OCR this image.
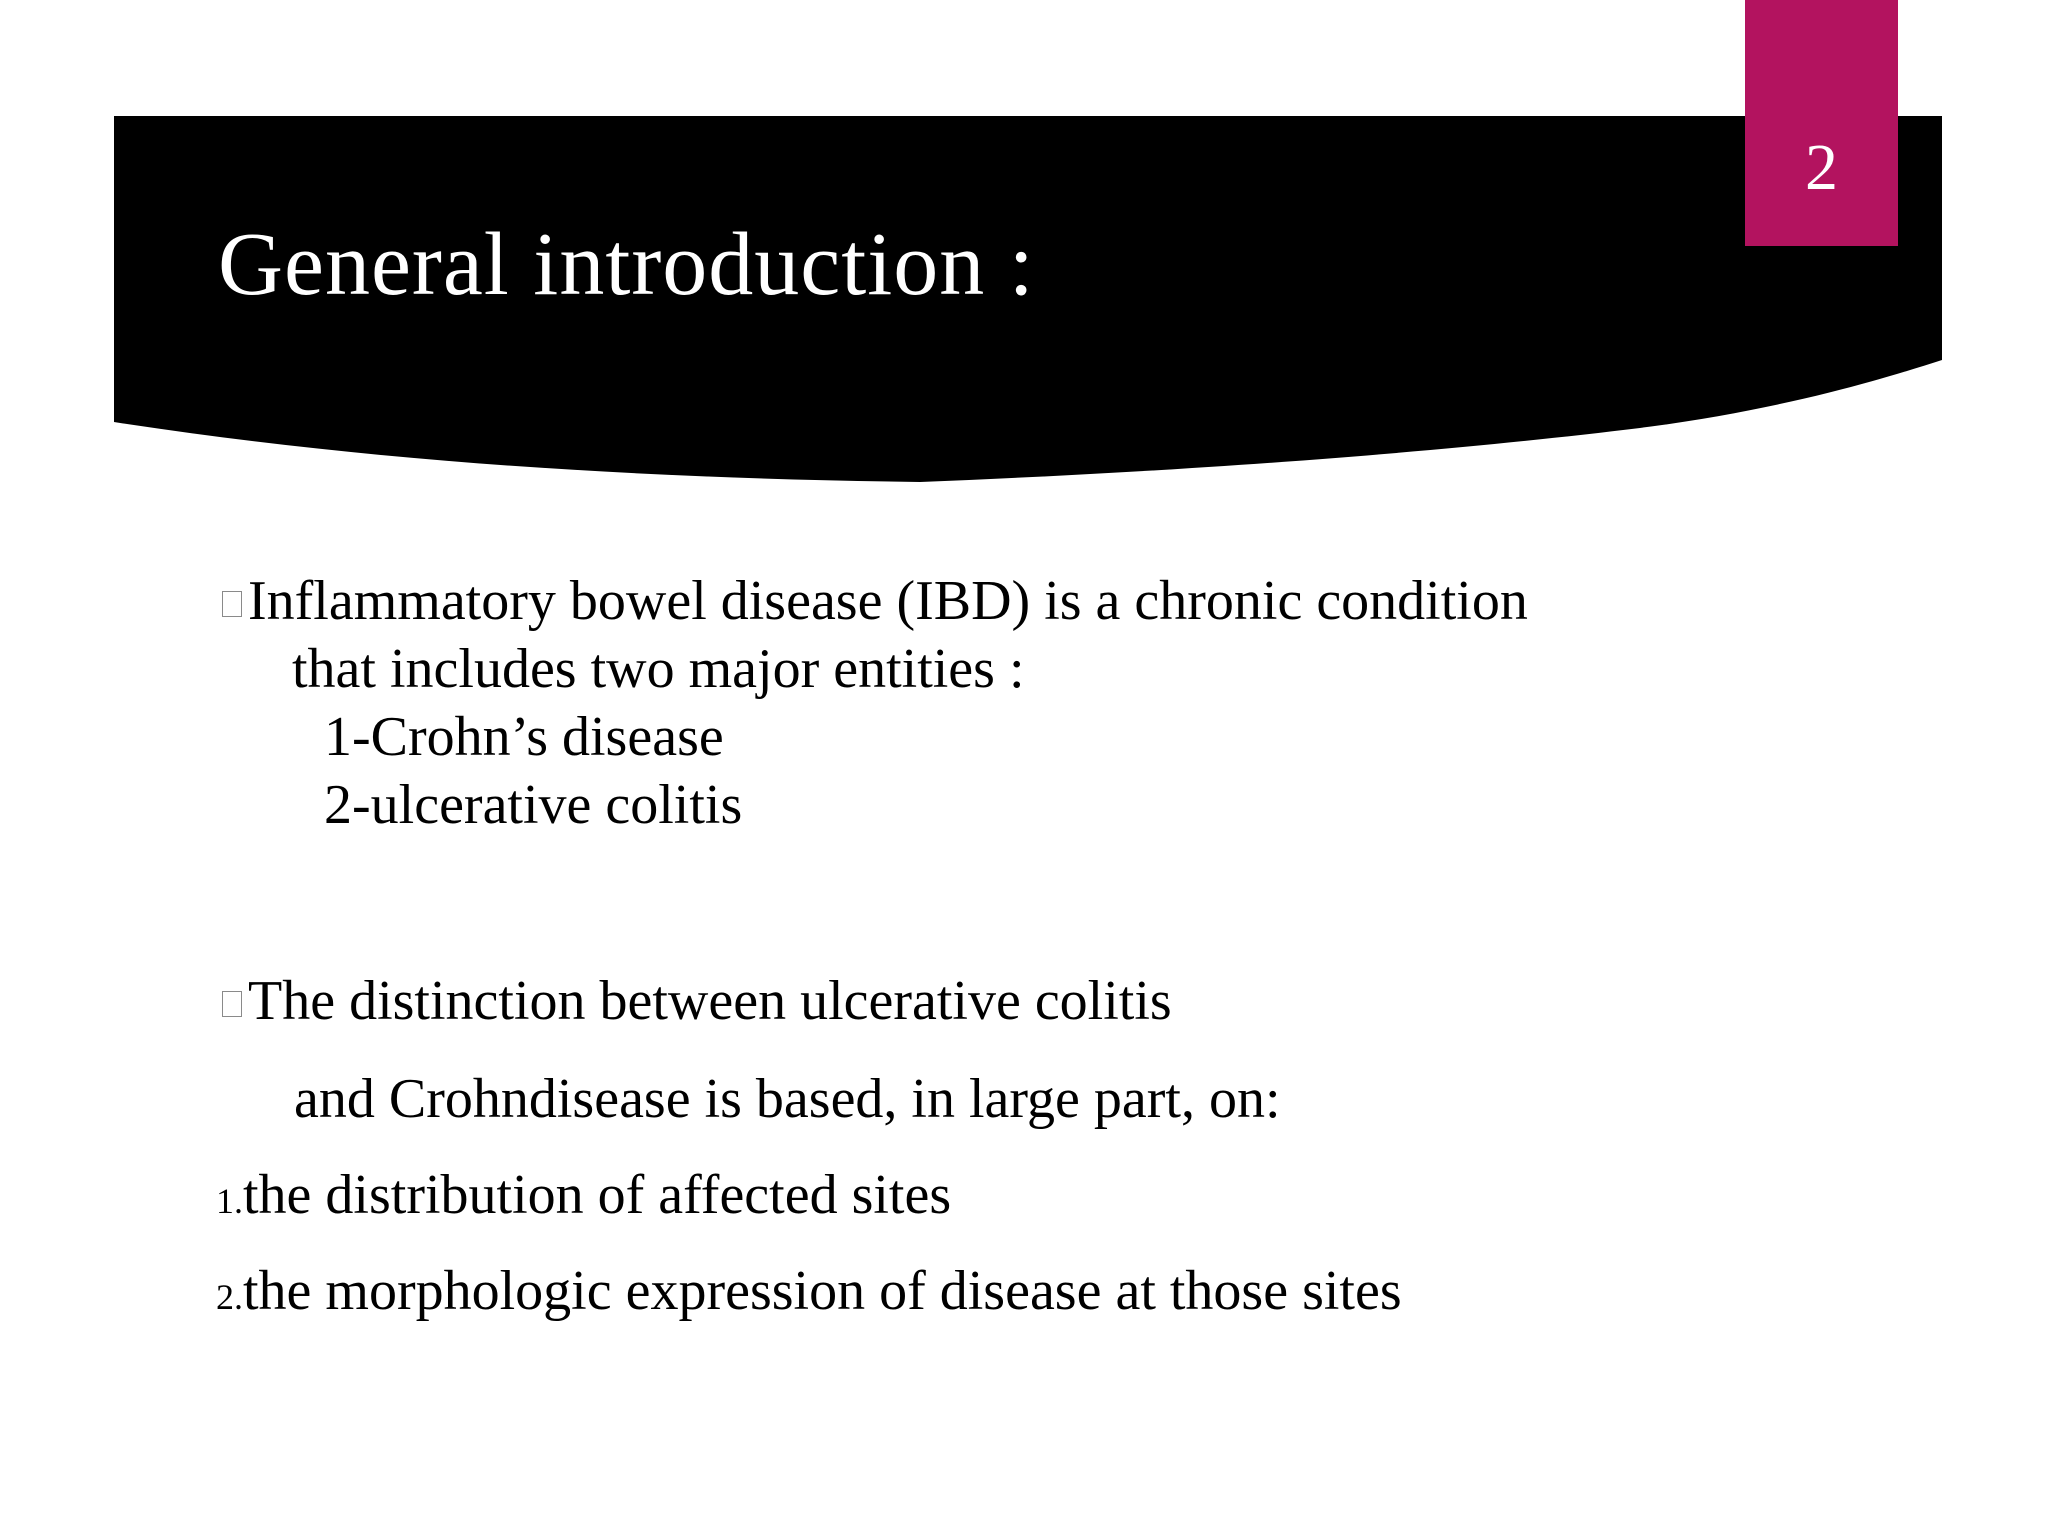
General introduction :
2
Inflammatory bowel disease (IBD) is a chronic condition
that includes two major entities :
1-Crohn’s disease
2-ulcerative colitis
The distinction between ulcerative colitis
and Crohndisease is based, in large part, on:
1.the distribution of affected sites
2.the morphologic expression of disease at those sites
